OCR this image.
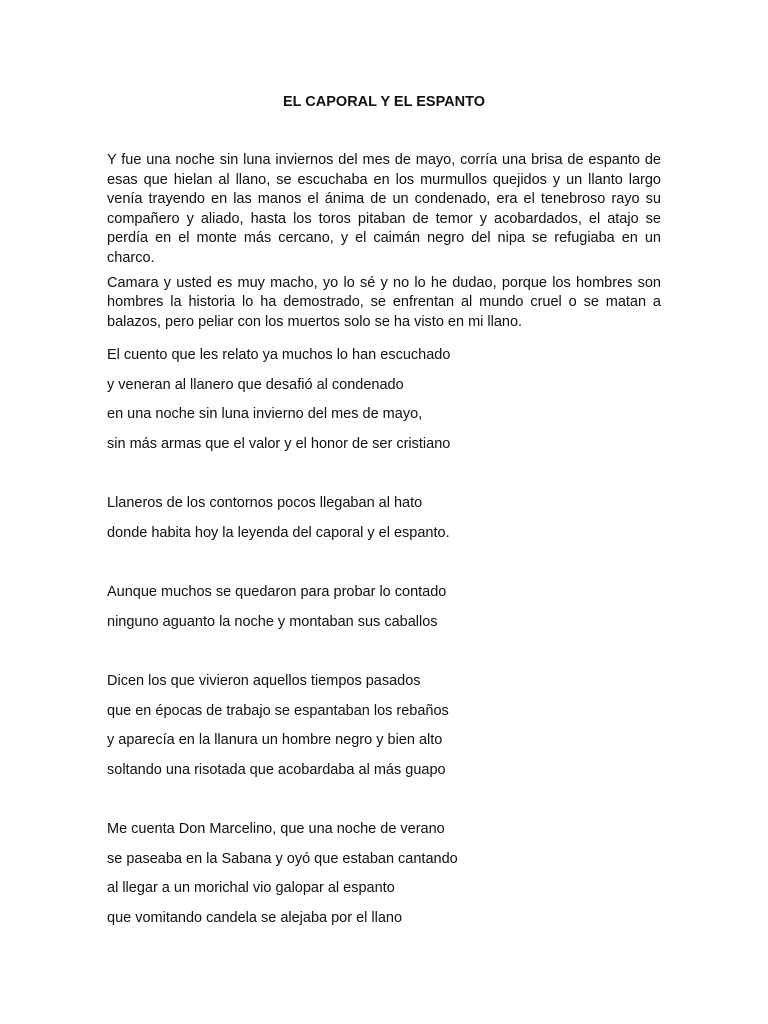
EL CAPORAL Y EL ESPANTO

Y fue una noche sin luna inviernos del mes de mayo, corría una brisa de espanto de esas que hielan al llano, se escuchaba en los murmullos quejidos y un llanto largo venía trayendo en las manos el ánima de un condenado, era el tenebroso rayo su compañero y aliado, hasta los toros pitaban de temor y acobardados, el atajo se perdía en el monte más cercano, y el caimán negro del nipa se refugiaba en un charco.

Camara y usted es muy macho, yo lo sé y no lo he dudao, porque los hombres son hombres la historia lo ha demostrado, se enfrentan al mundo cruel o se matan a balazos, pero peliar con los muertos solo se ha visto en mi llano.

El cuento que les relato ya muchos lo han escuchado
y veneran al llanero que desafió al condenado
en una noche sin luna invierno del mes de mayo,
sin más armas que el valor y el honor de ser cristiano
Llaneros de los contornos pocos llegaban al hato
donde habita hoy la leyenda del caporal y el espanto.
Aunque muchos se quedaron para probar lo contado
ninguno aguanto la noche y montaban sus caballos
Dicen los que vivieron aquellos tiempos pasados
que en épocas de trabajo se espantaban los rebaños
y aparecía en la llanura un hombre negro y bien alto
soltando una risotada que acobardaba al más guapo
Me cuenta Don Marcelino, que una noche de verano
se paseaba en la Sabana y oyó que estaban cantando
al llegar a un morichal vio galopar al espanto
que vomitando candela se alejaba por el llano
